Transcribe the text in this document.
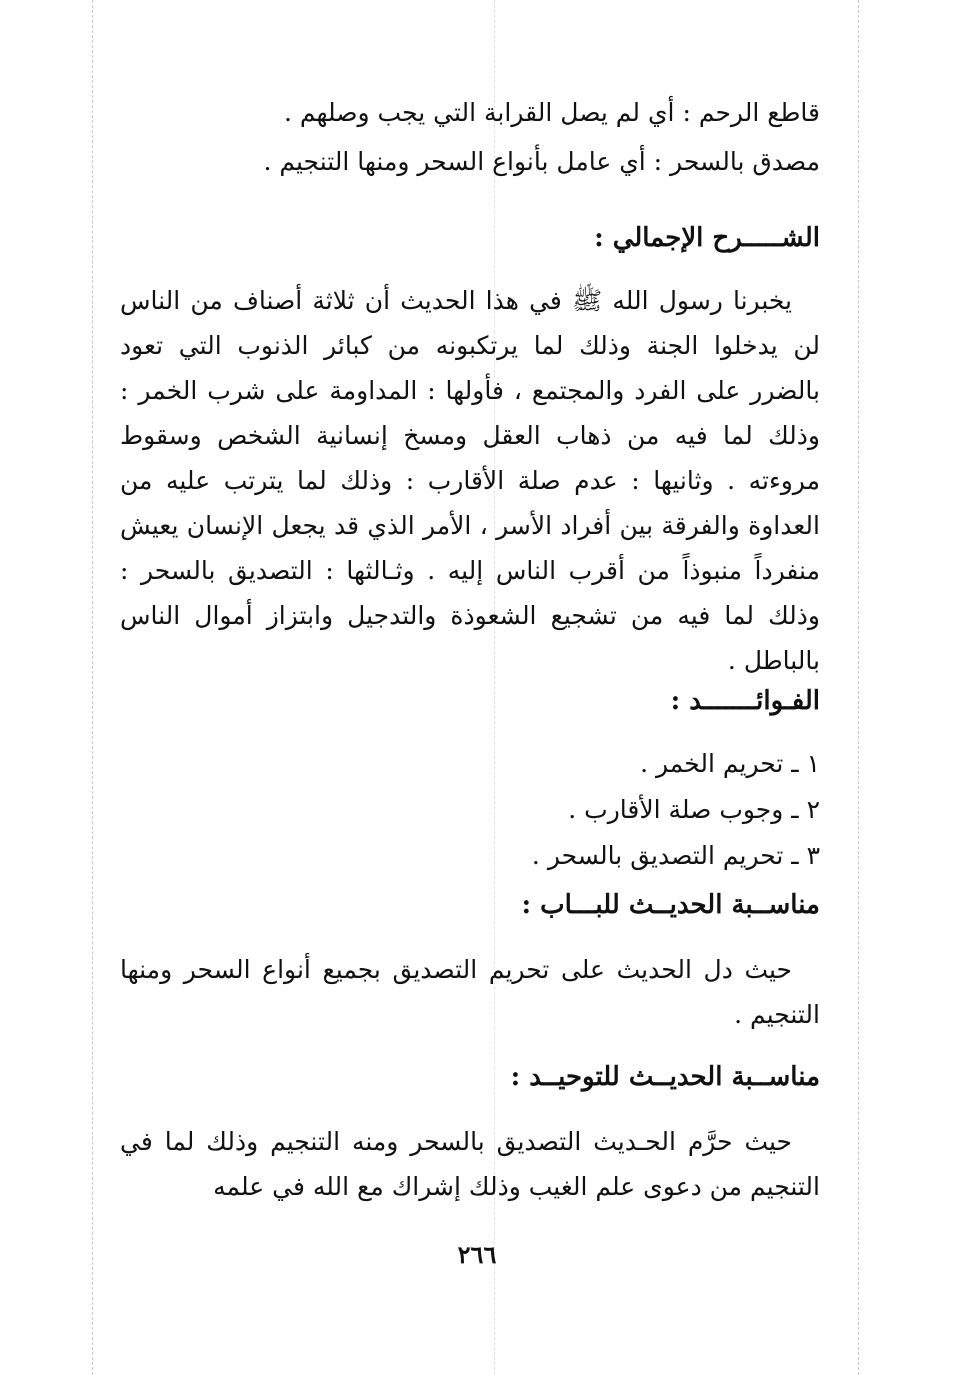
قاطع الرحم : أي لم يصل القرابة التي يجب وصلهم .
مصدق بالسحر : أي عامل بأنواع السحر ومنها التنجيم .
الشـــــرح الإجمالي :
يخبرنا رسول الله ﷺ في هذا الحديث أن ثلاثة أصناف من الناس لن يدخلوا الجنة وذلك لما يرتكبونه من كبائر الذنوب التي تعود بالضرر على الفرد والمجتمع ، فأولها : المداومة على شرب الخمر : وذلك لما فيه من ذهاب العقل ومسخ إنسانية الشخص وسقوط مروءته . وثانيها : عدم صلة الأقارب : وذلك لما يترتب عليه من العداوة والفرقة بين أفراد الأسر ، الأمر الذي قد يجعل الإنسان يعيش منفرداً منبوذاً من أقرب الناس إليه . وثـالثها : التصديق بالسحر : وذلك لما فيه من تشجيع الشعوذة والتدجيل وابتزاز أموال الناس بالباطل .
الفـوائـــــــد :
١ ـ تحريم الخمر .
٢ ـ وجوب صلة الأقارب .
٣ ـ تحريم التصديق بالسحر .
مناســبة الحديــث للبـــاب :
حيث دل الحديث على تحريم التصديق بجميع أنواع السحر ومنها التنجيم .
مناســبة الحديــث للتوحيــد :
حيث حرَّم الحـديث التصديق بالسحر ومنه التنجيم وذلك لما في التنجيم من دعوى علم الغيب وذلك إشراك مع الله في علمه
٢٦٦
